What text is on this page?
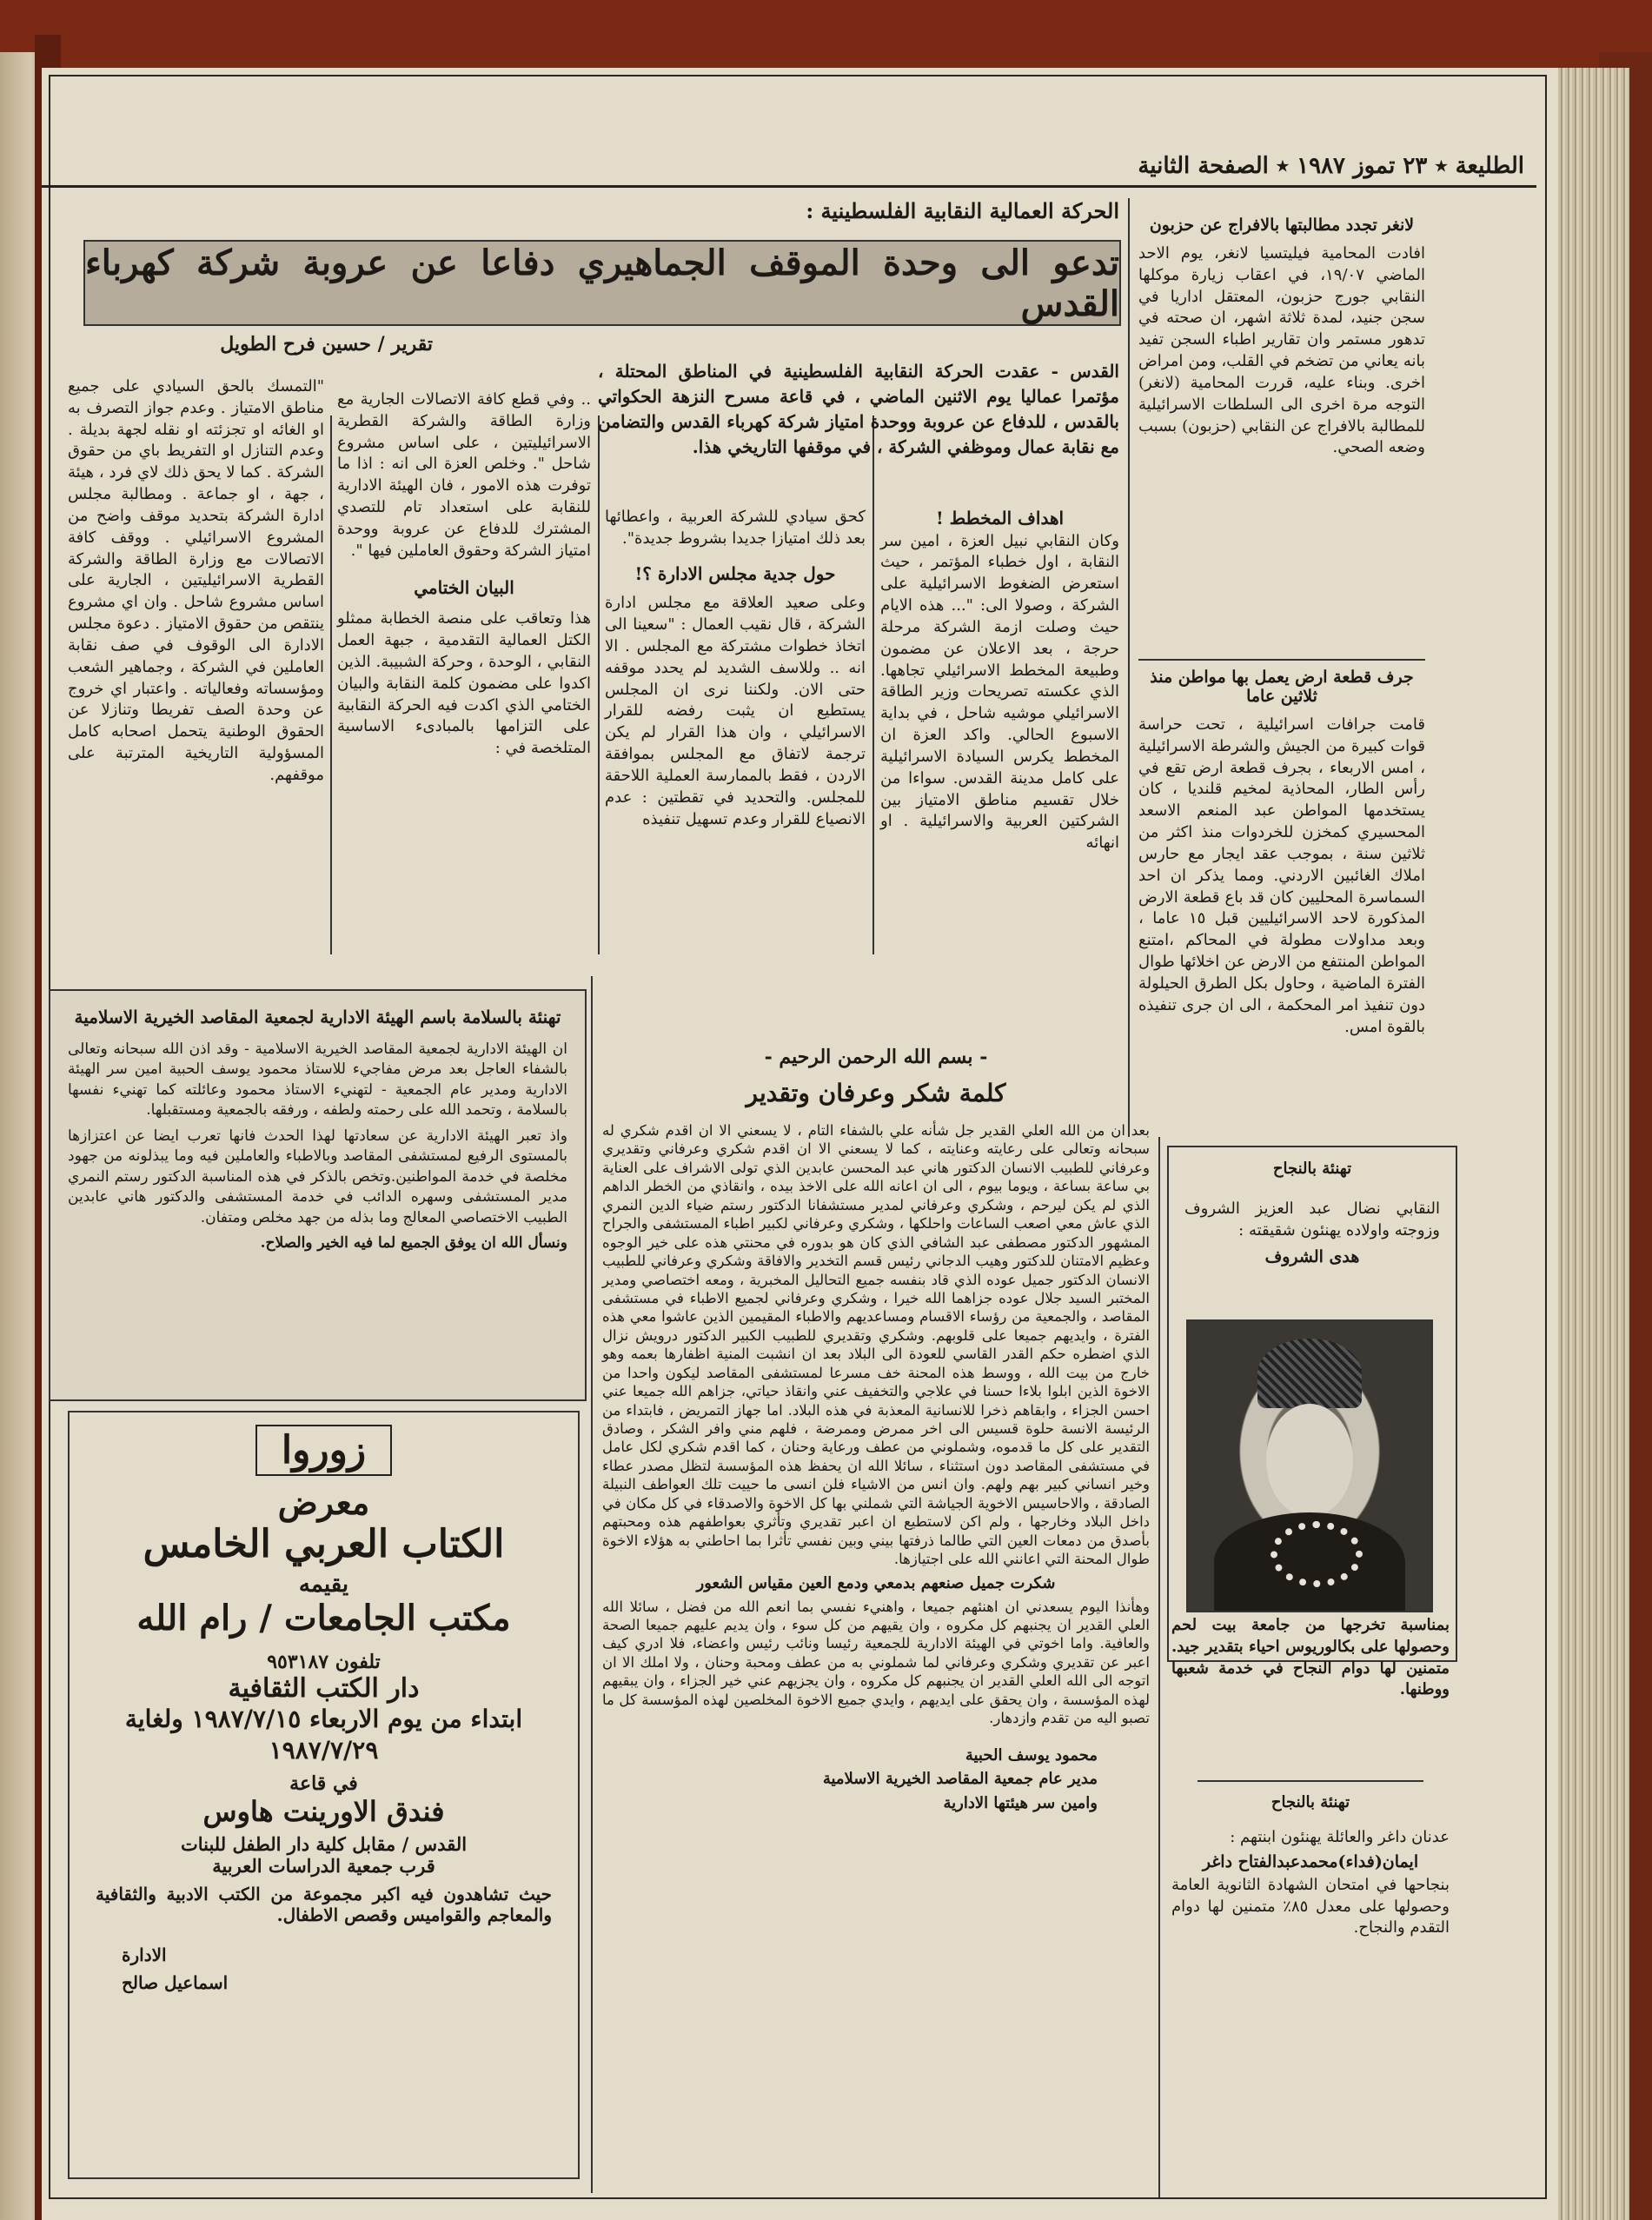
الطليعة ٭ ٢٣ تموز ١٩٨٧ ٭ الصفحة الثانية
الحركة العمالية النقابية الفلسطينية :
تدعو الى وحدة الموقف الجماهيري دفاعا عن عروبة شركة كهرباء القدس
تقرير / حسين فرح الطويل
القدس - عقدت الحركة النقابية الفلسطينية في المناطق المحتلة ، مؤتمرا عماليا يوم الاثنين الماضي ، في قاعة مسرح النزهة الحكواتي بالقدس ، للدفاع عن عروبة ووحدة امتياز شركة كهرباء القدس والتضامن مع نقابة عمال وموظفي الشركة ، في موقفها التاريخي هذا.
اهداف المخطط !
وكان النقابي نبيل العزة ، امين سر النقابة ، اول خطباء المؤتمر ، حيث استعرض الضغوط الاسرائيلية على الشركة ، وصولا الى: "... هذه الايام حيث وصلت ازمة الشركة مرحلة حرجة ، بعد الاعلان عن مضمون وطبيعة المخطط الاسرائيلي تجاهها. الذي عكسته تصريحات وزير الطاقة الاسرائيلي موشيه شاحل ، في بداية الاسبوع الحالي. واكد العزة ان المخطط يكرس السيادة الاسرائيلية على كامل مدينة القدس. سواءا من خلال تقسيم مناطق الامتياز بين الشركتين العربية والاسرائيلية . او انهائه
كحق سيادي للشركة العربية ، واعطائها بعد ذلك امتيازا جديدا بشروط جديدة".
حول جدية مجلس الادارة ؟!
وعلى صعيد العلاقة مع مجلس ادارة الشركة ، قال نقيب العمال : "سعينا الى اتخاذ خطوات مشتركة مع المجلس . الا انه .. وللاسف الشديد لم يحدد موقفه حتى الان. ولكننا نرى ان المجلس يستطيع ان يثبت رفضه للقرار الاسرائيلي ، وان هذا القرار لم يكن ترجمة لاتفاق مع المجلس بموافقة الاردن ، فقط بالممارسة العملية اللاحقة للمجلس. والتحديد في تقطتين : عدم الانصياع للقرار وعدم تسهيل تنفيذه
.. وفي قطع كافة الاتصالات الجارية مع وزارة الطاقة والشركة القطرية الاسرائيليتين ، على اساس مشروع شاحل ". وخلص العزة الى انه : اذا ما توفرت هذه الامور ، فان الهيئة الادارية للنقابة على استعداد تام للتصدي المشترك للدفاع عن عروبة ووحدة امتياز الشركة وحقوق العاملين فيها ".
البيان الختامي
هذا وتعاقب على منصة الخطابة ممثلو الكتل العمالية التقدمية ، جبهة العمل النقابي ، الوحدة ، وحركة الشبيبة. الذين اكدوا على مضمون كلمة النقابة والبيان الختامي الذي اكدت فيه الحركة النقابية على التزامها بالمبادىء الاساسية المتلخصة في :
"التمسك بالحق السيادي على جميع مناطق الامتياز . وعدم جواز التصرف به او الغائه او تجزئته او نقله لجهة بديلة . وعدم التنازل او التفريط باي من حقوق الشركة . كما لا يحق ذلك لاي فرد ، هيئة ، جهة ، او جماعة . ومطالبة مجلس ادارة الشركة بتحديد موقف واضح من المشروع الاسرائيلي . ووقف كافة الاتصالات مع وزارة الطاقة والشركة القطرية الاسرائيليتين ، الجارية على اساس مشروع شاحل . وان اي مشروع ينتقص من حقوق الامتياز . دعوة مجلس الادارة الى الوقوف في صف نقابة العاملين في الشركة ، وجماهير الشعب ومؤسساته وفعالياته . واعتبار اي خروج عن وحدة الصف تفريطا وتنازلا عن الحقوق الوطنية يتحمل اصحابه كامل المسؤولية التاريخية المترتبة على موقفهم.
لانغر تجدد مطالبتها بالافراج عن حزبون
افادت المحامية فيليتسيا لانغر، يوم الاحد الماضي ١٩/٠٧، في اعقاب زيارة موكلها النقابي جورج حزبون، المعتقل اداريا في سجن جنيد، لمدة ثلاثة اشهر، ان صحته في تدهور مستمر وان تقارير اطباء السجن تفيد بانه يعاني من تضخم في القلب، ومن امراض اخرى. وبناء عليه، قررت المحامية (لانغر) التوجه مرة اخرى الى السلطات الاسرائيلية للمطالبة بالافراج عن النقابي (حزبون) بسبب وضعه الصحي.
جرف قطعة ارض يعمل بها مواطن منذ ثلاثين عاما
قامت جرافات اسرائيلية ، تحت حراسة قوات كبيرة من الجيش والشرطة الاسرائيلية ، امس الاربعاء ، بجرف قطعة ارض تقع في رأس الطار، المحاذية لمخيم قلنديا ، كان يستخدمها المواطن عبد المنعم الاسعد المحسيري كمخزن للخردوات منذ اكثر من ثلاثين سنة ، بموجب عقد ايجار مع حارس املاك الغائبين الاردني. ومما يذكر ان احد السماسرة المحليين كان قد باع قطعة الارض المذكورة لاحد الاسرائيليين قبل ١٥ عاما ، وبعد مداولات مطولة في المحاكم ،امتنع المواطن المنتفع من الارض عن اخلائها طوال الفترة الماضية ، وحاول بكل الطرق الحيلولة دون تنفيذ امر المحكمة ، الى ان جرى تنفيذه بالقوة امس.
تهنئة بالنجاح
النقابي نضال عبد العزيز الشروف وزوجته واولاده يهنئون شقيقته :
هدى الشروف
بمناسبة تخرجها من جامعة بيت لحم وحصولها على بكالوريوس احياء بتقدير جيد. متمنين لها دوام النجاح في خدمة شعبها ووطنها.
تهنئة بالنجاح
عدنان داغر والعائلة يهنئون ابنتهم :
ايمان(فداء)محمدعبدالفتاح داغر
بنجاحها في امتحان الشهادة الثانوية العامة وحصولها على معدل ٨٥٪ متمنين لها دوام التقدم والنجاح.
تهنئة بالسلامة باسم الهيئة الادارية لجمعية المقاصد الخيرية الاسلامية
ان الهيئة الادارية لجمعية المقاصد الخيرية الاسلامية - وقد اذن الله سبحانه وتعالى بالشفاء العاجل بعد مرض مفاجيء للاستاذ محمود يوسف الحبية امين سر الهيئة الادارية ومدير عام الجمعية - لتهنيء الاستاذ محمود وعائلته كما تهنيء نفسها بالسلامة ، وتحمد الله على رحمته ولطفه ، ورفقه بالجمعية ومستقبلها.
واذ تعبر الهيئة الادارية عن سعادتها لهذا الحدث فانها تعرب ايضا عن اعتزازها بالمستوى الرفيع لمستشفى المقاصد وبالاطباء والعاملين فيه وما يبذلونه من جهود مخلصة في خدمة المواطنين.وتخص بالذكر في هذه المناسبة الدكتور رستم النمري مدير المستشفى وسهره الدائب في خدمة المستشفى والدكتور هاني عابدين الطبيب الاختصاصي المعالج وما بذله من جهد مخلص ومتفان.
ونسأل الله ان يوفق الجميع لما فيه الخير والصلاح.
- بسم الله الرحمن الرحيم -
كلمة شكر وعرفان وتقدير
بعد ان من الله العلي القدير جل شأنه علي بالشفاء التام ، لا يسعني الا ان اقدم شكري له سبحانه وتعالى على رعايته وعنايته ، كما لا يسعني الا ان اقدم شكري وعرفاني وتقديري وعرفاني للطبيب الانسان الدكتور هاني عبد المحسن عابدين الذي تولى الاشراف على العناية بي ساعة بساعة ، ويوما بيوم ، الى ان اعانه الله على الاخذ بيده ، وانقاذي من الخطر الداهم الذي لم يكن ليرحم ، وشكري وعرفاني لمدير مستشفانا الدكتور رستم ضياء الدين النمري الذي عاش معي اصعب الساعات واحلكها ، وشكري وعرفاني لكبير اطباء المستشفى والجراح المشهور الدكتور مصطفى عبد الشافي الذي كان هو بدوره في محنتي هذه على خير الوجوه وعظيم الامتنان للدكتور وهيب الدجاني رئيس قسم التخدير والافاقة وشكري وعرفاني للطبيب الانسان الدكتور جميل عوده الذي قاد بنفسه جميع التحاليل المخبرية ، ومعه اختصاصي ومدير المختبر السيد جلال عوده جزاهما الله خيرا ، وشكري وعرفاني لجميع الاطباء في مستشفى المقاصد ، والجمعية من رؤساء الاقسام ومساعديهم والاطباء المقيمين الذين عاشوا معي هذه الفترة ، وايديهم جميعا على قلوبهم. وشكري وتقديري للطبيب الكبير الدكتور درويش نزال الذي اضطره حكم القدر القاسي للعودة الى البلاد بعد ان انشبت المنية اظفارها بعمه وهو خارج من بيت الله ، ووسط هذه المحنة خف مسرعا لمستشفى المقاصد ليكون واحدا من الاخوة الذين ابلوا بلاءا حسنا في علاجي والتخفيف عني وانقاذ حياتي، جزاهم الله جميعا عني احسن الجزاء ، وابقاهم ذخرا للانسانية المعذبة في هذه البلاد. اما جهاز التمريض ، فابتداء من الرئيسة الانسة حلوة قسيس الى اخر ممرض وممرضة ، فلهم مني وافر الشكر ، وصادق التقدير على كل ما قدموه، وشملوني من عطف ورعاية وحنان ، كما اقدم شكري لكل عامل في مستشفى المقاصد دون استثناء ، سائلا الله ان يحفظ هذه المؤسسة لتظل مصدر عطاء وخير انساني كبير بهم ولهم. وان انس من الاشياء فلن انسى ما حييت تلك العواطف النبيلة الصادقة ، والاحاسيس الاخوية الجياشة التي شملني بها كل الاخوة والاصدقاء في كل مكان في داخل البلاد وخارجها ، ولم اكن لاستطيع ان اعبر تقديري وتأثري بعواطفهم هذه ومحبتهم بأصدق من دمعات العين التي طالما ذرفتها بيني وبين نفسي تأثرا بما احاطني به هؤلاء الاخوة طوال المحنة التي اعانني الله على اجتيازها.
شكرت جميل صنعهم بدمعي ودمع العين مقياس الشعور
وهأنذا اليوم يسعدني ان اهنئهم جميعا ، واهنيء نفسي بما انعم الله من فضل ، سائلا الله العلي القدير ان يجنبهم كل مكروه ، وان يقيهم من كل سوء ، وان يديم عليهم جميعا الصحة والعافية. واما اخوتي في الهيئة الادارية للجمعية رئيسا ونائب رئيس واعضاء، فلا ادري كيف اعبر عن تقديري وشكري وعرفاني لما شملوني به من عطف ومحبة وحنان ، ولا املك الا ان اتوجه الى الله العلي القدير ان يجنبهم كل مكروه ، وان يجزيهم عني خير الجزاء ، وان يبقيهم لهذه المؤسسة ، وان يحقق على ايديهم ، وايدي جميع الاخوة المخلصين لهذه المؤسسة كل ما تصبو اليه من تقدم وازدهار.
محمود يوسف الحبية
مدير عام جمعية المقاصد الخيرية الاسلامية
وامين سر هيئتها الادارية
زوروا
معرض
الكتاب العربي الخامس
يقيمه
مكتب الجامعات / رام الله
تلفون ٩٥٣١٨٧
دار الكتب الثقافية
ابتداء من يوم الاربعاء ١٩٨٧/٧/١٥ ولغاية ١٩٨٧/٧/٢٩
في قاعة
فندق الاورينت هاوس
القدس / مقابل كلية دار الطفل للبنات
قرب جمعية الدراسات العربية
حيث تشاهدون فيه اكبر مجموعة من الكتب الادبية والثقافية والمعاجم والقواميس وقصص الاطفال.
الادارة
اسماعيل صالح
